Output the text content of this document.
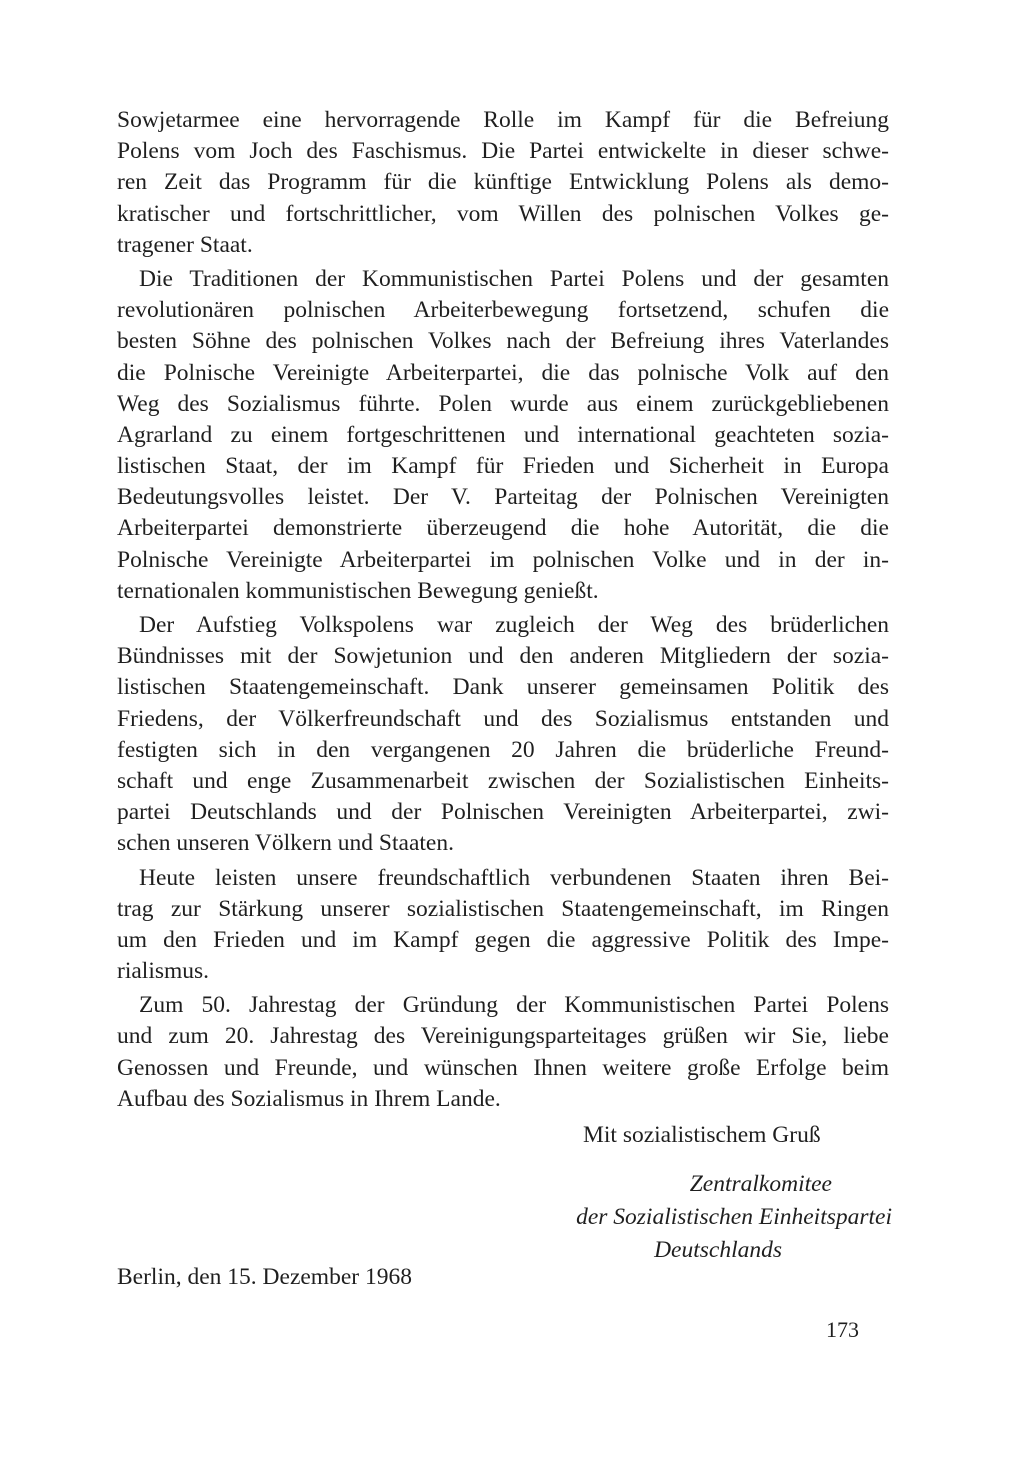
Sowjetarmee eine hervorragende Rolle im Kampf für die Befreiung
Polens vom Joch des Faschismus. Die Partei entwickelte in dieser schwe-
ren Zeit das Programm für die künftige Entwicklung Polens als demo-
kratischer und fortschrittlicher, vom Willen des polnischen Volkes ge-
tragener Staat.
Die Traditionen der Kommunistischen Partei Polens und der gesamten
revolutionären polnischen Arbeiterbewegung fortsetzend, schufen die
besten Söhne des polnischen Volkes nach der Befreiung ihres Vaterlandes
die Polnische Vereinigte Arbeiterpartei, die das polnische Volk auf den
Weg des Sozialismus führte. Polen wurde aus einem zurückgebliebenen
Agrarland zu einem fortgeschrittenen und international geachteten sozia-
listischen Staat, der im Kampf für Frieden und Sicherheit in Europa
Bedeutungsvolles leistet. Der V. Parteitag der Polnischen Vereinigten
Arbeiterpartei demonstrierte überzeugend die hohe Autorität, die die
Polnische Vereinigte Arbeiterpartei im polnischen Volke und in der in-
ternationalen kommunistischen Bewegung genießt.
Der Aufstieg Volkspolens war zugleich der Weg des brüderlichen
Bündnisses mit der Sowjetunion und den anderen Mitgliedern der sozia-
listischen Staatengemeinschaft. Dank unserer gemeinsamen Politik des
Friedens, der Völkerfreundschaft und des Sozialismus entstanden und
festigten sich in den vergangenen 20 Jahren die brüderliche Freund-
schaft und enge Zusammenarbeit zwischen der Sozialistischen Einheits-
partei Deutschlands und der Polnischen Vereinigten Arbeiterpartei, zwi-
schen unseren Völkern und Staaten.
Heute leisten unsere freundschaftlich verbundenen Staaten ihren Bei-
trag zur Stärkung unserer sozialistischen Staatengemeinschaft, im Ringen
um den Frieden und im Kampf gegen die aggressive Politik des Impe-
rialismus.
Zum 50. Jahrestag der Gründung der Kommunistischen Partei Polens
und zum 20. Jahrestag des Vereinigungsparteitages grüßen wir Sie, liebe
Genossen und Freunde, und wünschen Ihnen weitere große Erfolge beim
Aufbau des Sozialismus in Ihrem Lande.
Mit sozialistischem Gruß
Zentralkomitee
der Sozialistischen Einheitspartei
Deutschlands
Berlin, den 15. Dezember 1968
173
